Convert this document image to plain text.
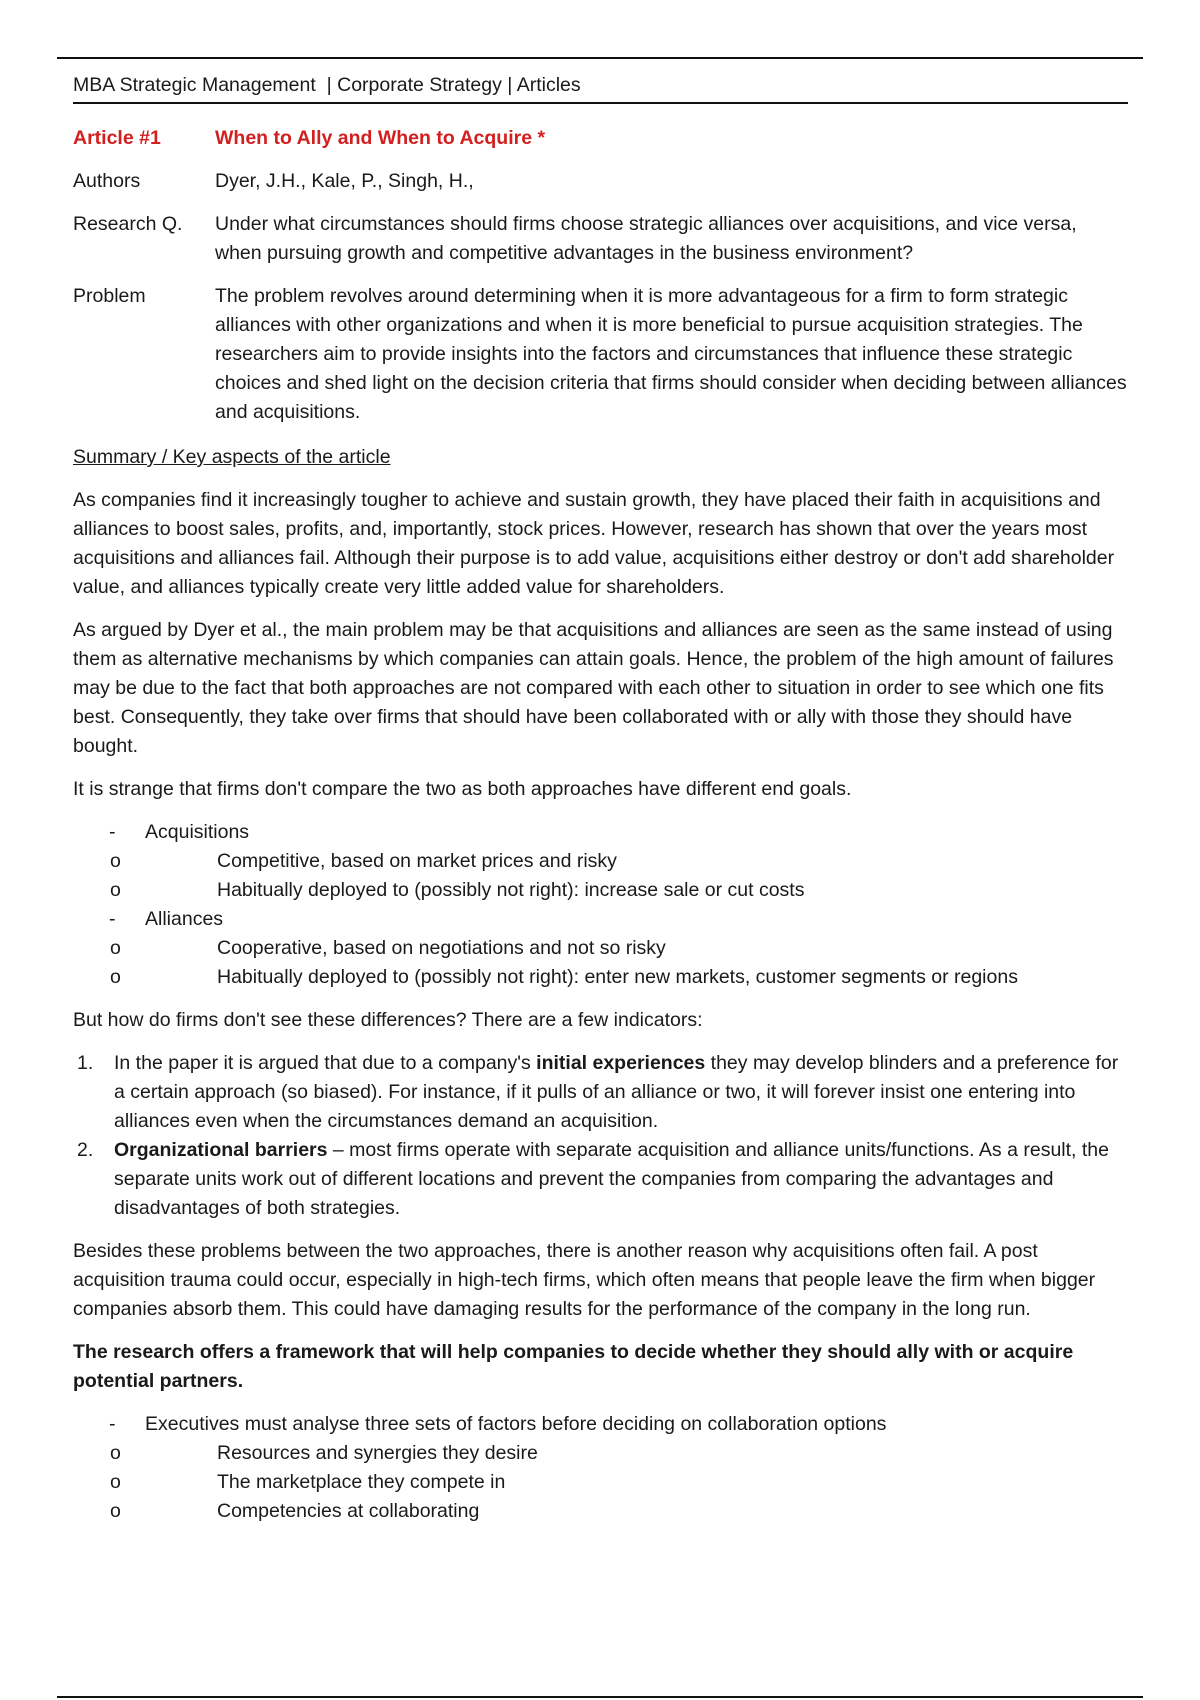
MBA Strategic Management  | Corporate Strategy | Articles
Article #1	When to Ally and When to Acquire *
Authors	Dyer, J.H., Kale, P., Singh, H.,
Research Q.	Under what circumstances should firms choose strategic alliances over acquisitions, and vice versa, when pursuing growth and competitive advantages in the business environment?
Problem	The problem revolves around determining when it is more advantageous for a firm to form strategic alliances with other organizations and when it is more beneficial to pursue acquisition strategies. The researchers aim to provide insights into the factors and circumstances that influence these strategic choices and shed light on the decision criteria that firms should consider when deciding between alliances and acquisitions.
Summary / Key aspects of the article

As companies find it increasingly tougher to achieve and sustain growth, they have placed their faith in acquisitions and alliances to boost sales, profits, and, importantly, stock prices. However, research has shown that over the years most acquisitions and alliances fail. Although their purpose is to add value, acquisitions either destroy or don't add shareholder value, and alliances typically create very little added value for shareholders.

As argued by Dyer et al., the main problem may be that acquisitions and alliances are seen as the same instead of using them as alternative mechanisms by which companies can attain goals. Hence, the problem of the high amount of failures may be due to the fact that both approaches are not compared with each other to situation in order to see which one fits best. Consequently, they take over firms that should have been collaborated with or ally with those they should have bought.

It is strange that firms don't compare the two as both approaches have different end goals.

- Acquisitions
o Competitive, based on market prices and risky
o Habitually deployed to (possibly not right): increase sale or cut costs
- Alliances
o Cooperative, based on negotiations and not so risky
o Habitually deployed to (possibly not right): enter new markets, customer segments or regions

But how do firms don't see these differences? There are a few indicators:

1. In the paper it is argued that due to a company's initial experiences they may develop blinders and a preference for a certain approach (so biased). For instance, if it pulls of an alliance or two, it will forever insist one entering into alliances even when the circumstances demand an acquisition.
2. Organizational barriers – most firms operate with separate acquisition and alliance units/functions. As a result, the separate units work out of different locations and prevent the companies from comparing the advantages and disadvantages of both strategies.

Besides these problems between the two approaches, there is another reason why acquisitions often fail. A post acquisition trauma could occur, especially in high-tech firms, which often means that people leave the firm when bigger companies absorb them. This could have damaging results for the performance of the company in the long run.

The research offers a framework that will help companies to decide whether they should ally with or acquire potential partners.

- Executives must analyse three sets of factors before deciding on collaboration options
o Resources and synergies they desire
o The marketplace they compete in
o Competencies at collaborating
